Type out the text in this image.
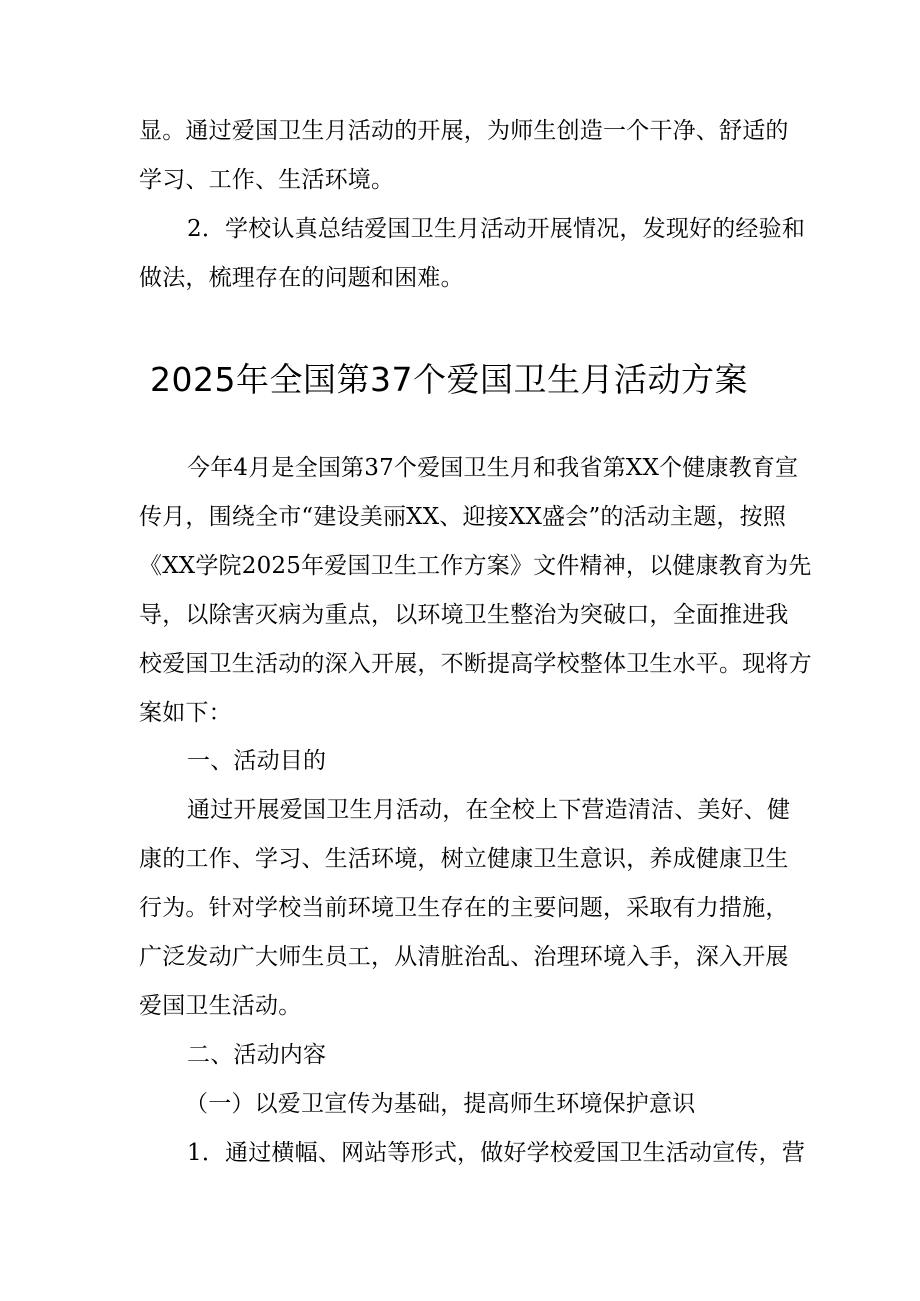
显。通过爱国卫生月活动的开展，为师生创造一个干净、舒适的
学习、工作、生活环境。
2．学校认真总结爱国卫生月活动开展情况，发现好的经验和
做法，梳理存在的问题和困难。
2025年全国第37个爱国卫生月活动方案
今年4月是全国第37个爱国卫生月和我省第XX个健康教育宣
传月，围绕全市“建设美丽XX、迎接XX盛会”的活动主题，按照
《XX学院2025年爱国卫生工作方案》文件精神，以健康教育为先
导，以除害灭病为重点，以环境卫生整治为突破口，全面推进我
校爱国卫生活动的深入开展，不断提高学校整体卫生水平。现将方
案如下：
一、活动目的
通过开展爱国卫生月活动，在全校上下营造清洁、美好、健
康的工作、学习、生活环境，树立健康卫生意识，养成健康卫生
行为。针对学校当前环境卫生存在的主要问题，采取有力措施，
广泛发动广大师生员工，从清脏治乱、治理环境入手，深入开展
爱国卫生活动。
二、活动内容
（一）以爱卫宣传为基础，提高师生环境保护意识
1．通过横幅、网站等形式，做好学校爱国卫生活动宣传，营
